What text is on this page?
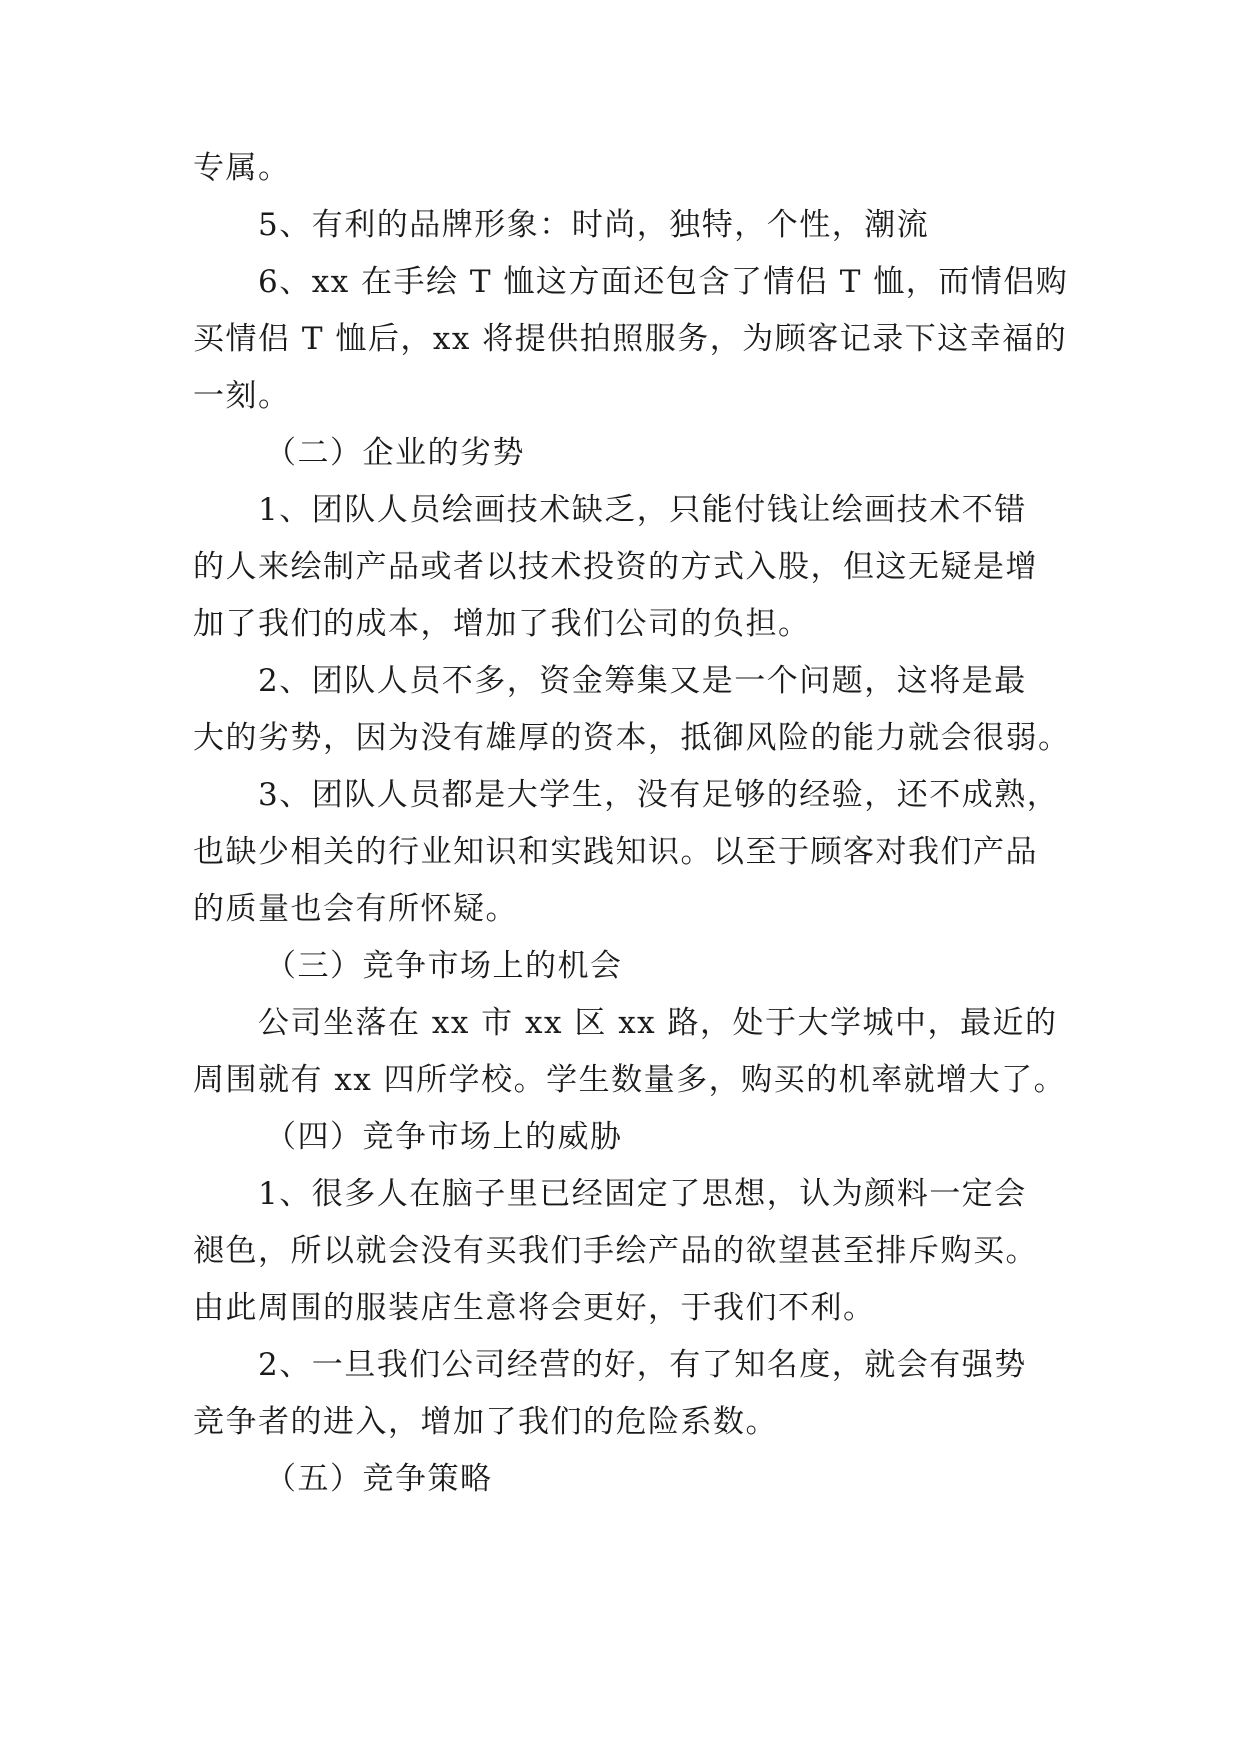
专属。
5、有利的品牌形象：时尚，独特，个性，潮流
6、xx 在手绘 T 恤这方面还包含了情侣 T 恤，而情侣购
买情侣 T 恤后，xx 将提供拍照服务，为顾客记录下这幸福的
一刻。
（二）企业的劣势
1、团队人员绘画技术缺乏，只能付钱让绘画技术不错
的人来绘制产品或者以技术投资的方式入股，但这无疑是增
加了我们的成本，增加了我们公司的负担。
2、团队人员不多，资金筹集又是一个问题，这将是最
大的劣势，因为没有雄厚的资本，抵御风险的能力就会很弱。
3、团队人员都是大学生，没有足够的经验，还不成熟，
也缺少相关的行业知识和实践知识。以至于顾客对我们产品
的质量也会有所怀疑。
（三）竞争市场上的机会
公司坐落在 xx 市 xx 区 xx 路，处于大学城中，最近的
周围就有 xx 四所学校。学生数量多，购买的机率就增大了。
（四）竞争市场上的威胁
1、很多人在脑子里已经固定了思想，认为颜料一定会
褪色，所以就会没有买我们手绘产品的欲望甚至排斥购买。
由此周围的服装店生意将会更好，于我们不利。
2、一旦我们公司经营的好，有了知名度，就会有强势
竞争者的进入，增加了我们的危险系数。
（五）竞争策略
